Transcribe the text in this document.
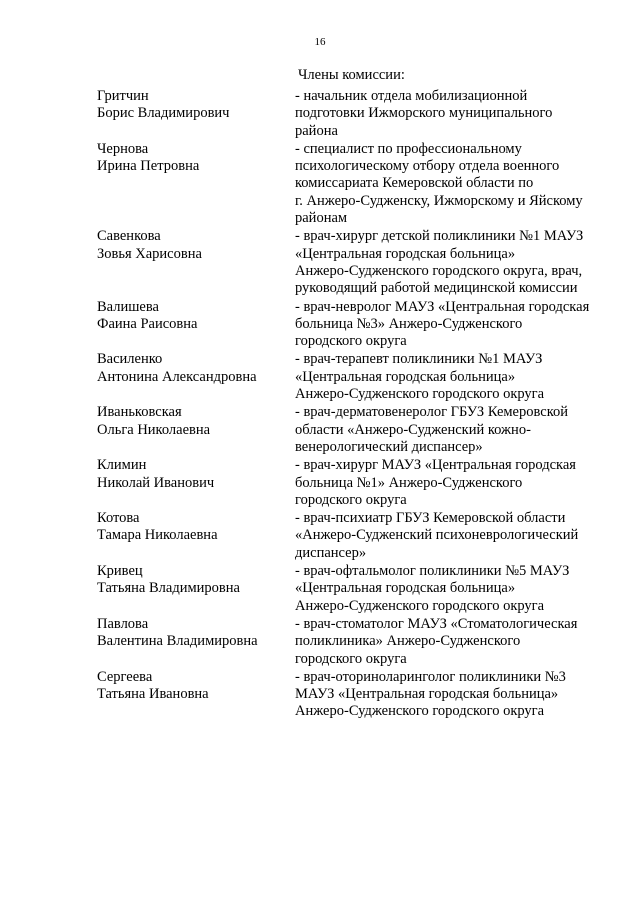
16
Члены комиссии:
Гритчин
Борис Владимирович
- начальник отдела мобилизационной
подготовки Ижморского муниципального
района
Чернова
Ирина Петровна
- специалист по профессиональному
психологическому отбору отдела военного
комиссариата Кемеровской области по
г. Анжеро-Судженску, Ижморскому и Яйскому
районам
Савенкова
Зовья Харисовна
- врач-хирург детской поликлиники №1 МАУЗ
«Центральная городская больница»
Анжеро-Судженского городского округа, врач,
руководящий работой медицинской комиссии
Валишева
Фаина Раисовна
- врач-невролог МАУЗ «Центральная городская
больница №3» Анжеро-Судженского
городского округа
Василенко
Антонина Александровна
- врач-терапевт поликлиники №1 МАУЗ
«Центральная городская больница»
Анжеро-Судженского городского округа
Иваньковская
Ольга Николаевна
- врач-дерматовенеролог ГБУЗ Кемеровской
области «Анжеро-Судженский кожно-
венерологический диспансер»
Климин
Николай Иванович
- врач-хирург МАУЗ «Центральная городская
больница №1» Анжеро-Судженского
городского округа
Котова
Тамара Николаевна
- врач-психиатр ГБУЗ Кемеровской области
«Анжеро-Судженский психоневрологический
диспансер»
Кривец
Татьяна Владимировна
- врач-офтальмолог поликлиники №5 МАУЗ
«Центральная городская больница»
Анжеро-Судженского городского округа
Павлова
Валентина Владимировна
- врач-стоматолог МАУЗ «Стоматологическая
поликлиника» Анжеро-Судженского
городского округа
Сергеева
Татьяна Ивановна
- врач-оториноларинголог поликлиники №3
МАУЗ «Центральная городская больница»
Анжеро-Судженского городского округа
